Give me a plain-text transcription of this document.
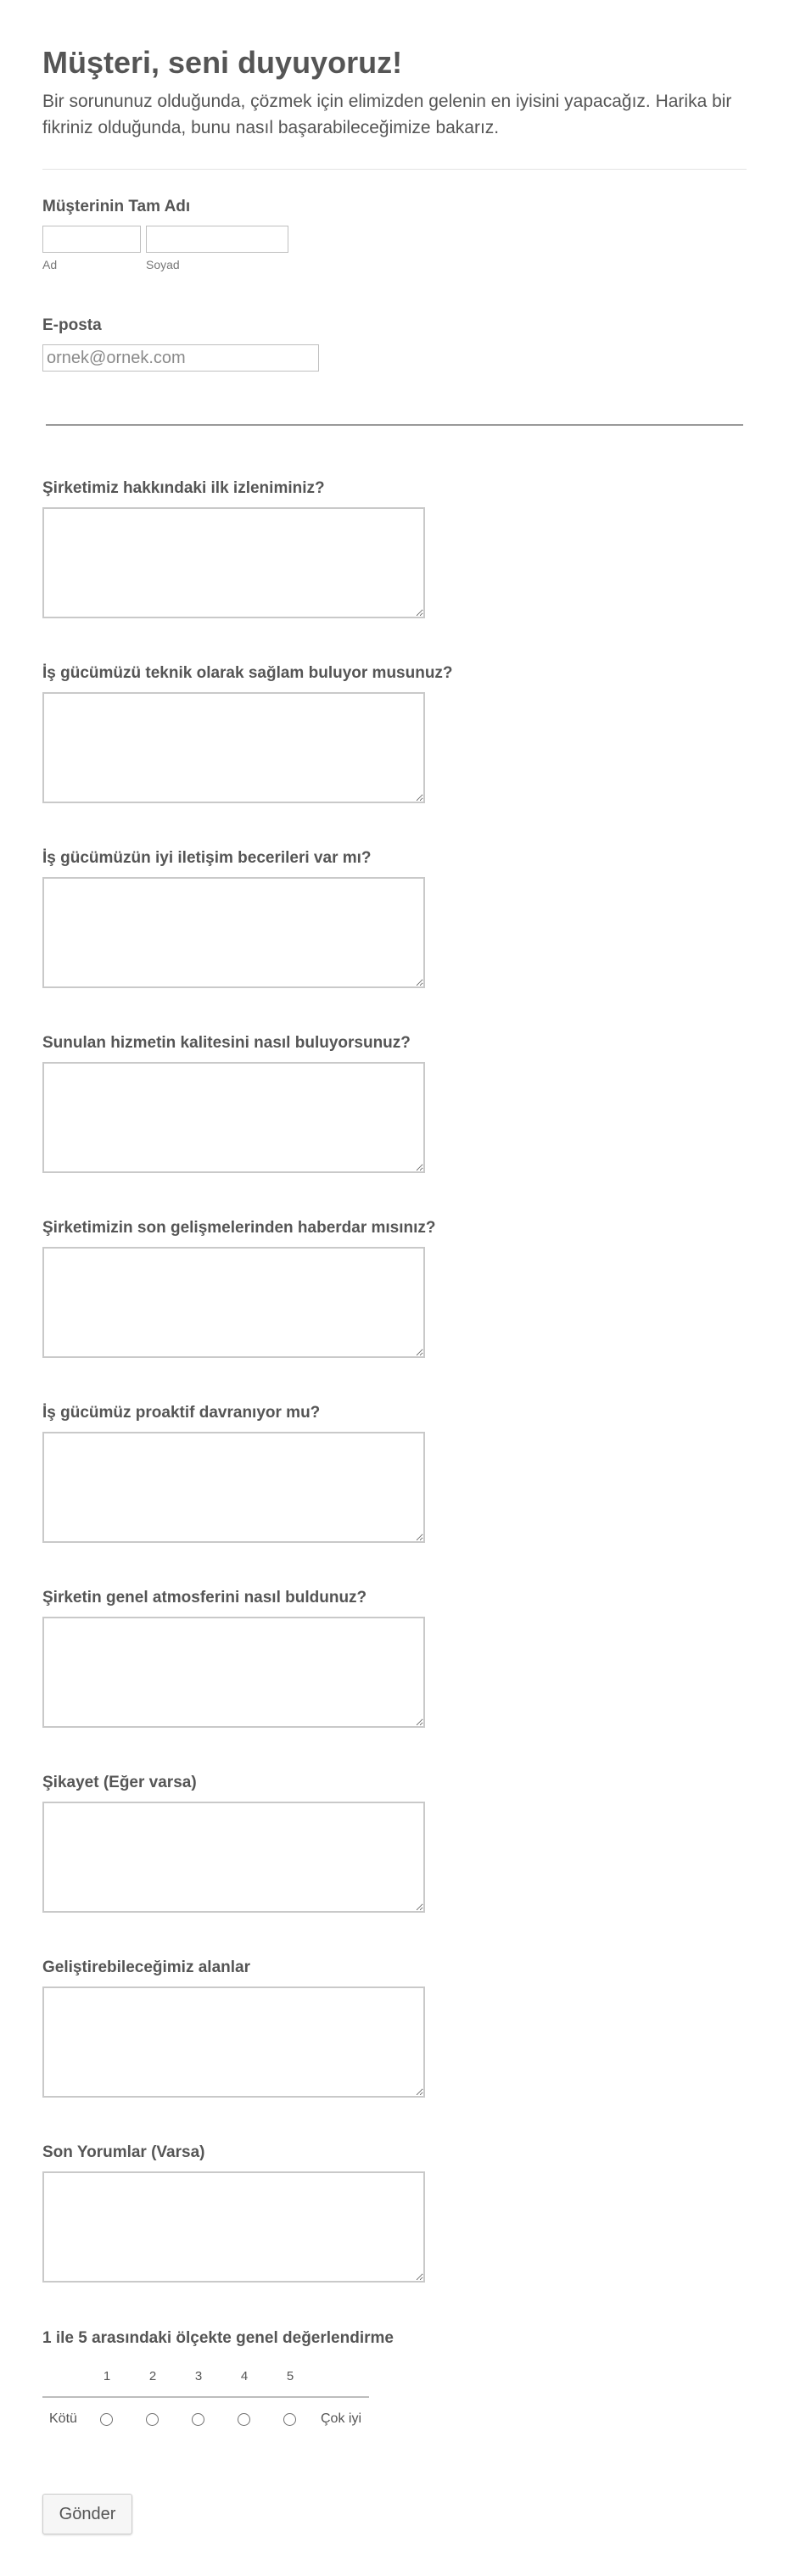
Müşteri, seni duyuyoruz!

Bir sorununuz olduğunda, çözmek için elimizden gelenin en iyisini yapacağız. Harika bir fikriniz olduğunda, bunu nasıl başarabileceğimize bakarız.

Müşterinin Tam Adı
Ad	Soyad
E-posta
ornek@ornek.com
Şirketimiz hakkındaki ilk izleniminiz?
İş gücümüzü teknik olarak sağlam buluyor musunuz?
İş gücümüzün iyi iletişim becerileri var mı?
Sunulan hizmetin kalitesini nasıl buluyorsunuz?
Şirketimizin son gelişmelerinden haberdar mısınız?
İş gücümüz proaktif davranıyor mu?
Şirketin genel atmosferini nasıl buldunuz?
Şikayet (Eğer varsa)
Geliştirebileceğimiz alanlar
Son Yorumlar (Varsa)
1 ile 5 arasındaki ölçekte genel değerlendirme
1	2	3	4	5
Kötü	Çok iyi
Gönder
